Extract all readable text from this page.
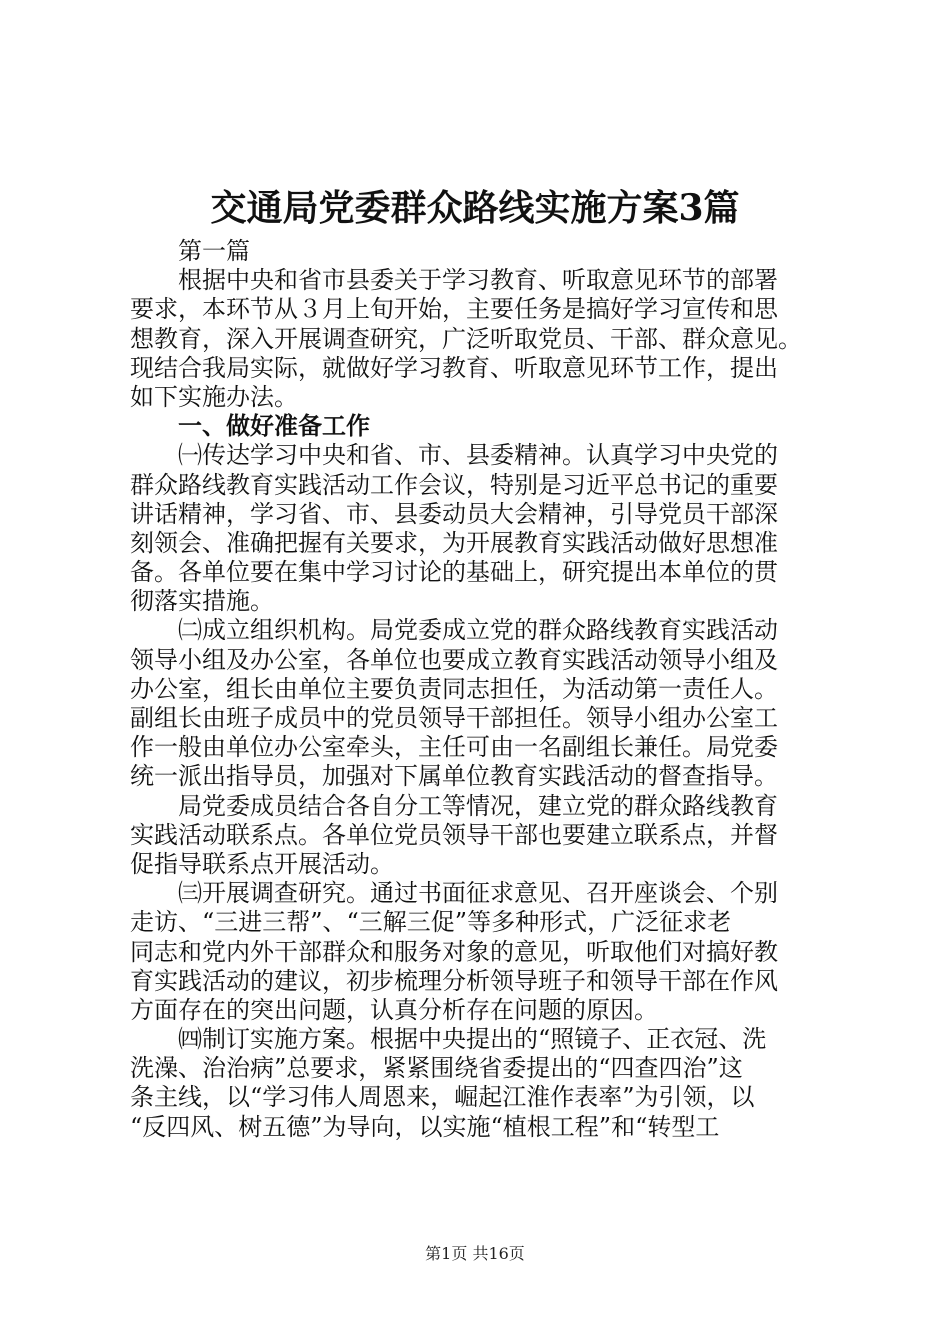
交通局党委群众路线实施方案3篇
第一篇
根据中央和省市县委关于学习教育、听取意见环节的部署
要求，本环节从３月上旬开始，主要任务是搞好学习宣传和思
想教育，深入开展调查研究，广泛听取党员、干部、群众意见。
现结合我局实际，就做好学习教育、听取意见环节工作，提出
如下实施办法。
一、做好准备工作
㈠传达学习中央和省、市、县委精神。认真学习中央党的
群众路线教育实践活动工作会议，特别是习近平总书记的重要
讲话精神，学习省、市、县委动员大会精神，引导党员干部深
刻领会、准确把握有关要求，为开展教育实践活动做好思想准
备。各单位要在集中学习讨论的基础上，研究提出本单位的贯
彻落实措施。
㈡成立组织机构。局党委成立党的群众路线教育实践活动
领导小组及办公室，各单位也要成立教育实践活动领导小组及
办公室，组长由单位主要负责同志担任，为活动第一责任人。
副组长由班子成员中的党员领导干部担任。领导小组办公室工
作一般由单位办公室牵头，主任可由一名副组长兼任。局党委
统一派出指导员，加强对下属单位教育实践活动的督查指导。
局党委成员结合各自分工等情况，建立党的群众路线教育
实践活动联系点。各单位党员领导干部也要建立联系点，并督
促指导联系点开展活动。
㈢开展调查研究。通过书面征求意见、召开座谈会、个别
走访、“三进三帮”、“三解三促”等多种形式，广泛征求老
同志和党内外干部群众和服务对象的意见，听取他们对搞好教
育实践活动的建议，初步梳理分析领导班子和领导干部在作风
方面存在的突出问题，认真分析存在问题的原因。
㈣制订实施方案。根据中央提出的“照镜子、正衣冠、洗
洗澡、治治病”总要求，紧紧围绕省委提出的“四查四治”这
条主线，以“学习伟人周恩来，崛起江淮作表率”为引领，以
“反四风、树五德”为导向，以实施“植根工程”和“转型工
第1页 共16页
